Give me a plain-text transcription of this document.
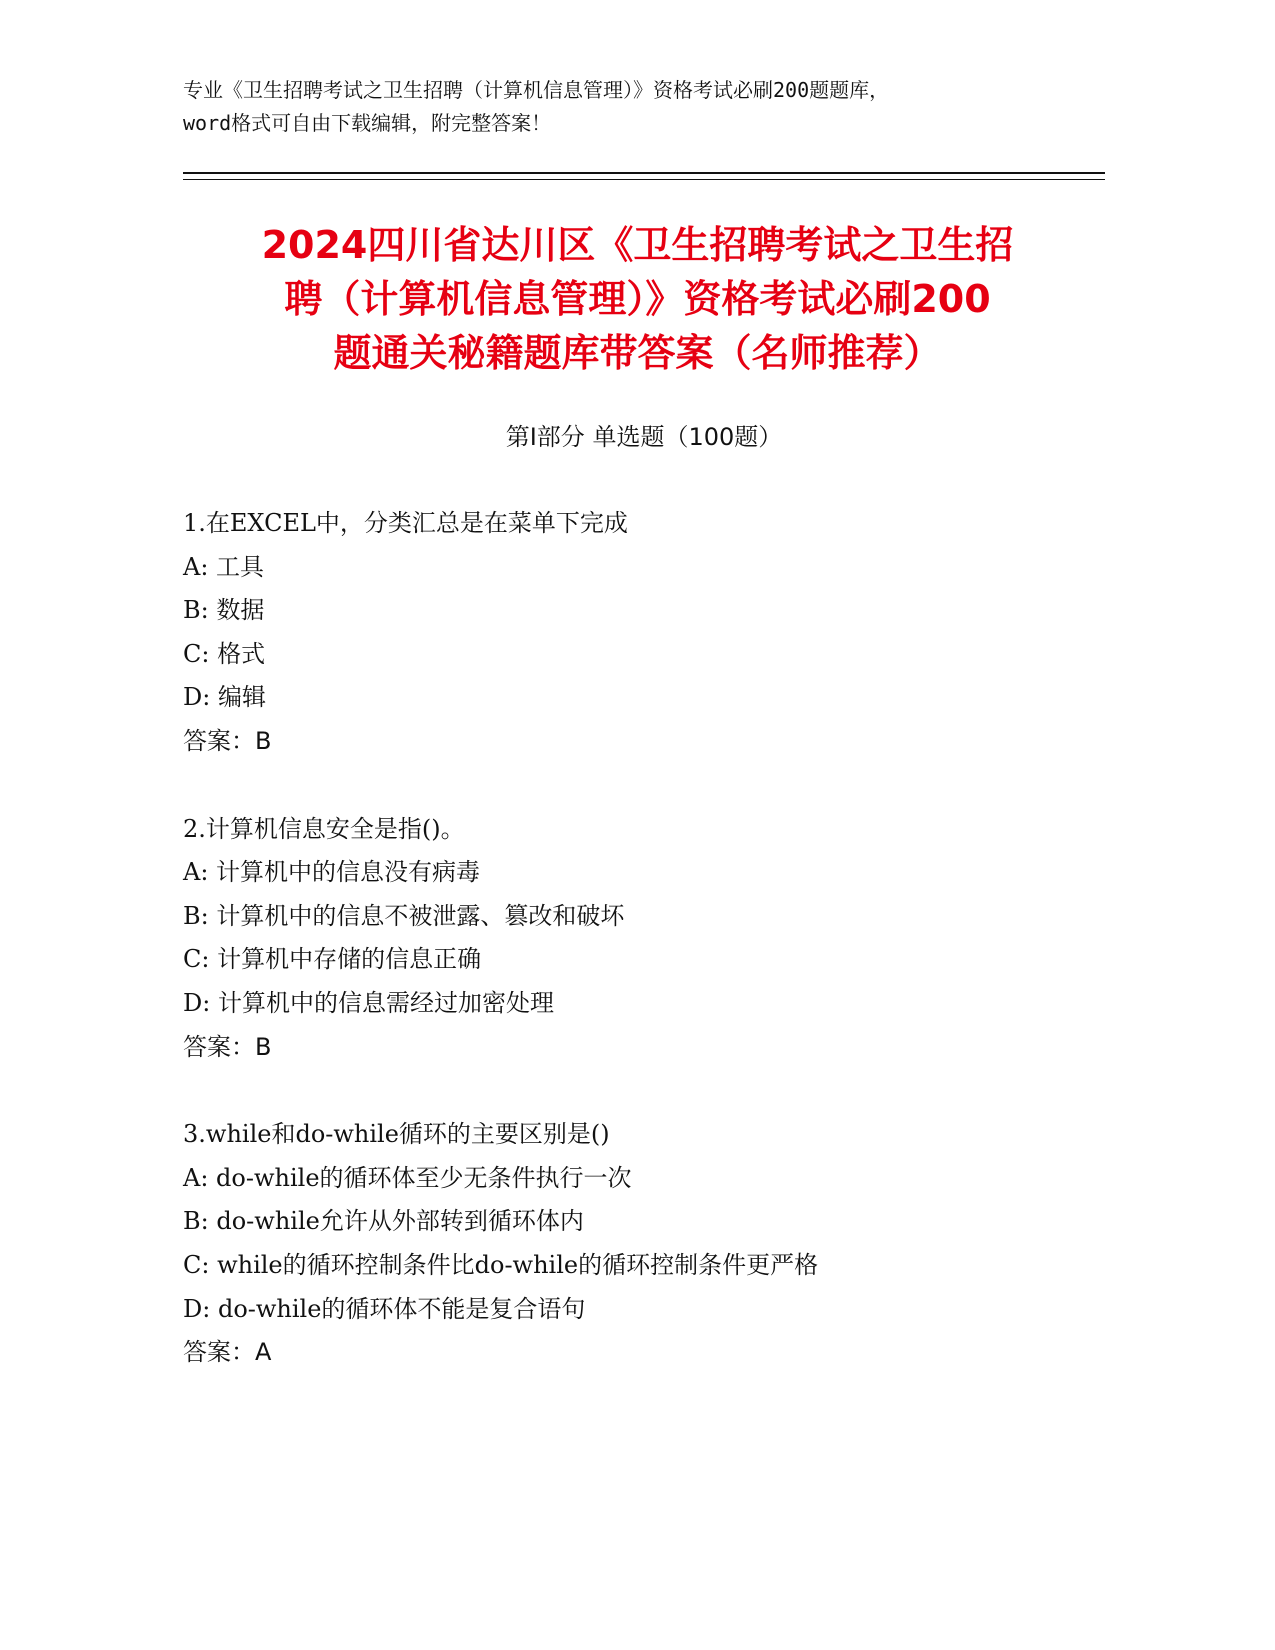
专业《卫生招聘考试之卫生招聘（计算机信息管理）》资格考试必刷200题题库，
word格式可自由下载编辑，附完整答案！
2024四川省达川区《卫生招聘考试之卫生招
聘（计算机信息管理）》资格考试必刷200
题通关秘籍题库带答案（名师推荐）
第Ⅰ部分 单选题（100题）
1.在EXCEL中，分类汇总是在菜单下完成
A: 工具
B: 数据
C: 格式
D: 编辑
答案：B
2.计算机信息安全是指()。
A: 计算机中的信息没有病毒
B: 计算机中的信息不被泄露、篡改和破坏
C: 计算机中存储的信息正确
D: 计算机中的信息需经过加密处理
答案：B
3.while和do-while循环的主要区别是()
A: do-while的循环体至少无条件执行一次
B: do-while允许从外部转到循环体内
C: while的循环控制条件比do-while的循环控制条件更严格
D: do-while的循环体不能是复合语句
答案：A
